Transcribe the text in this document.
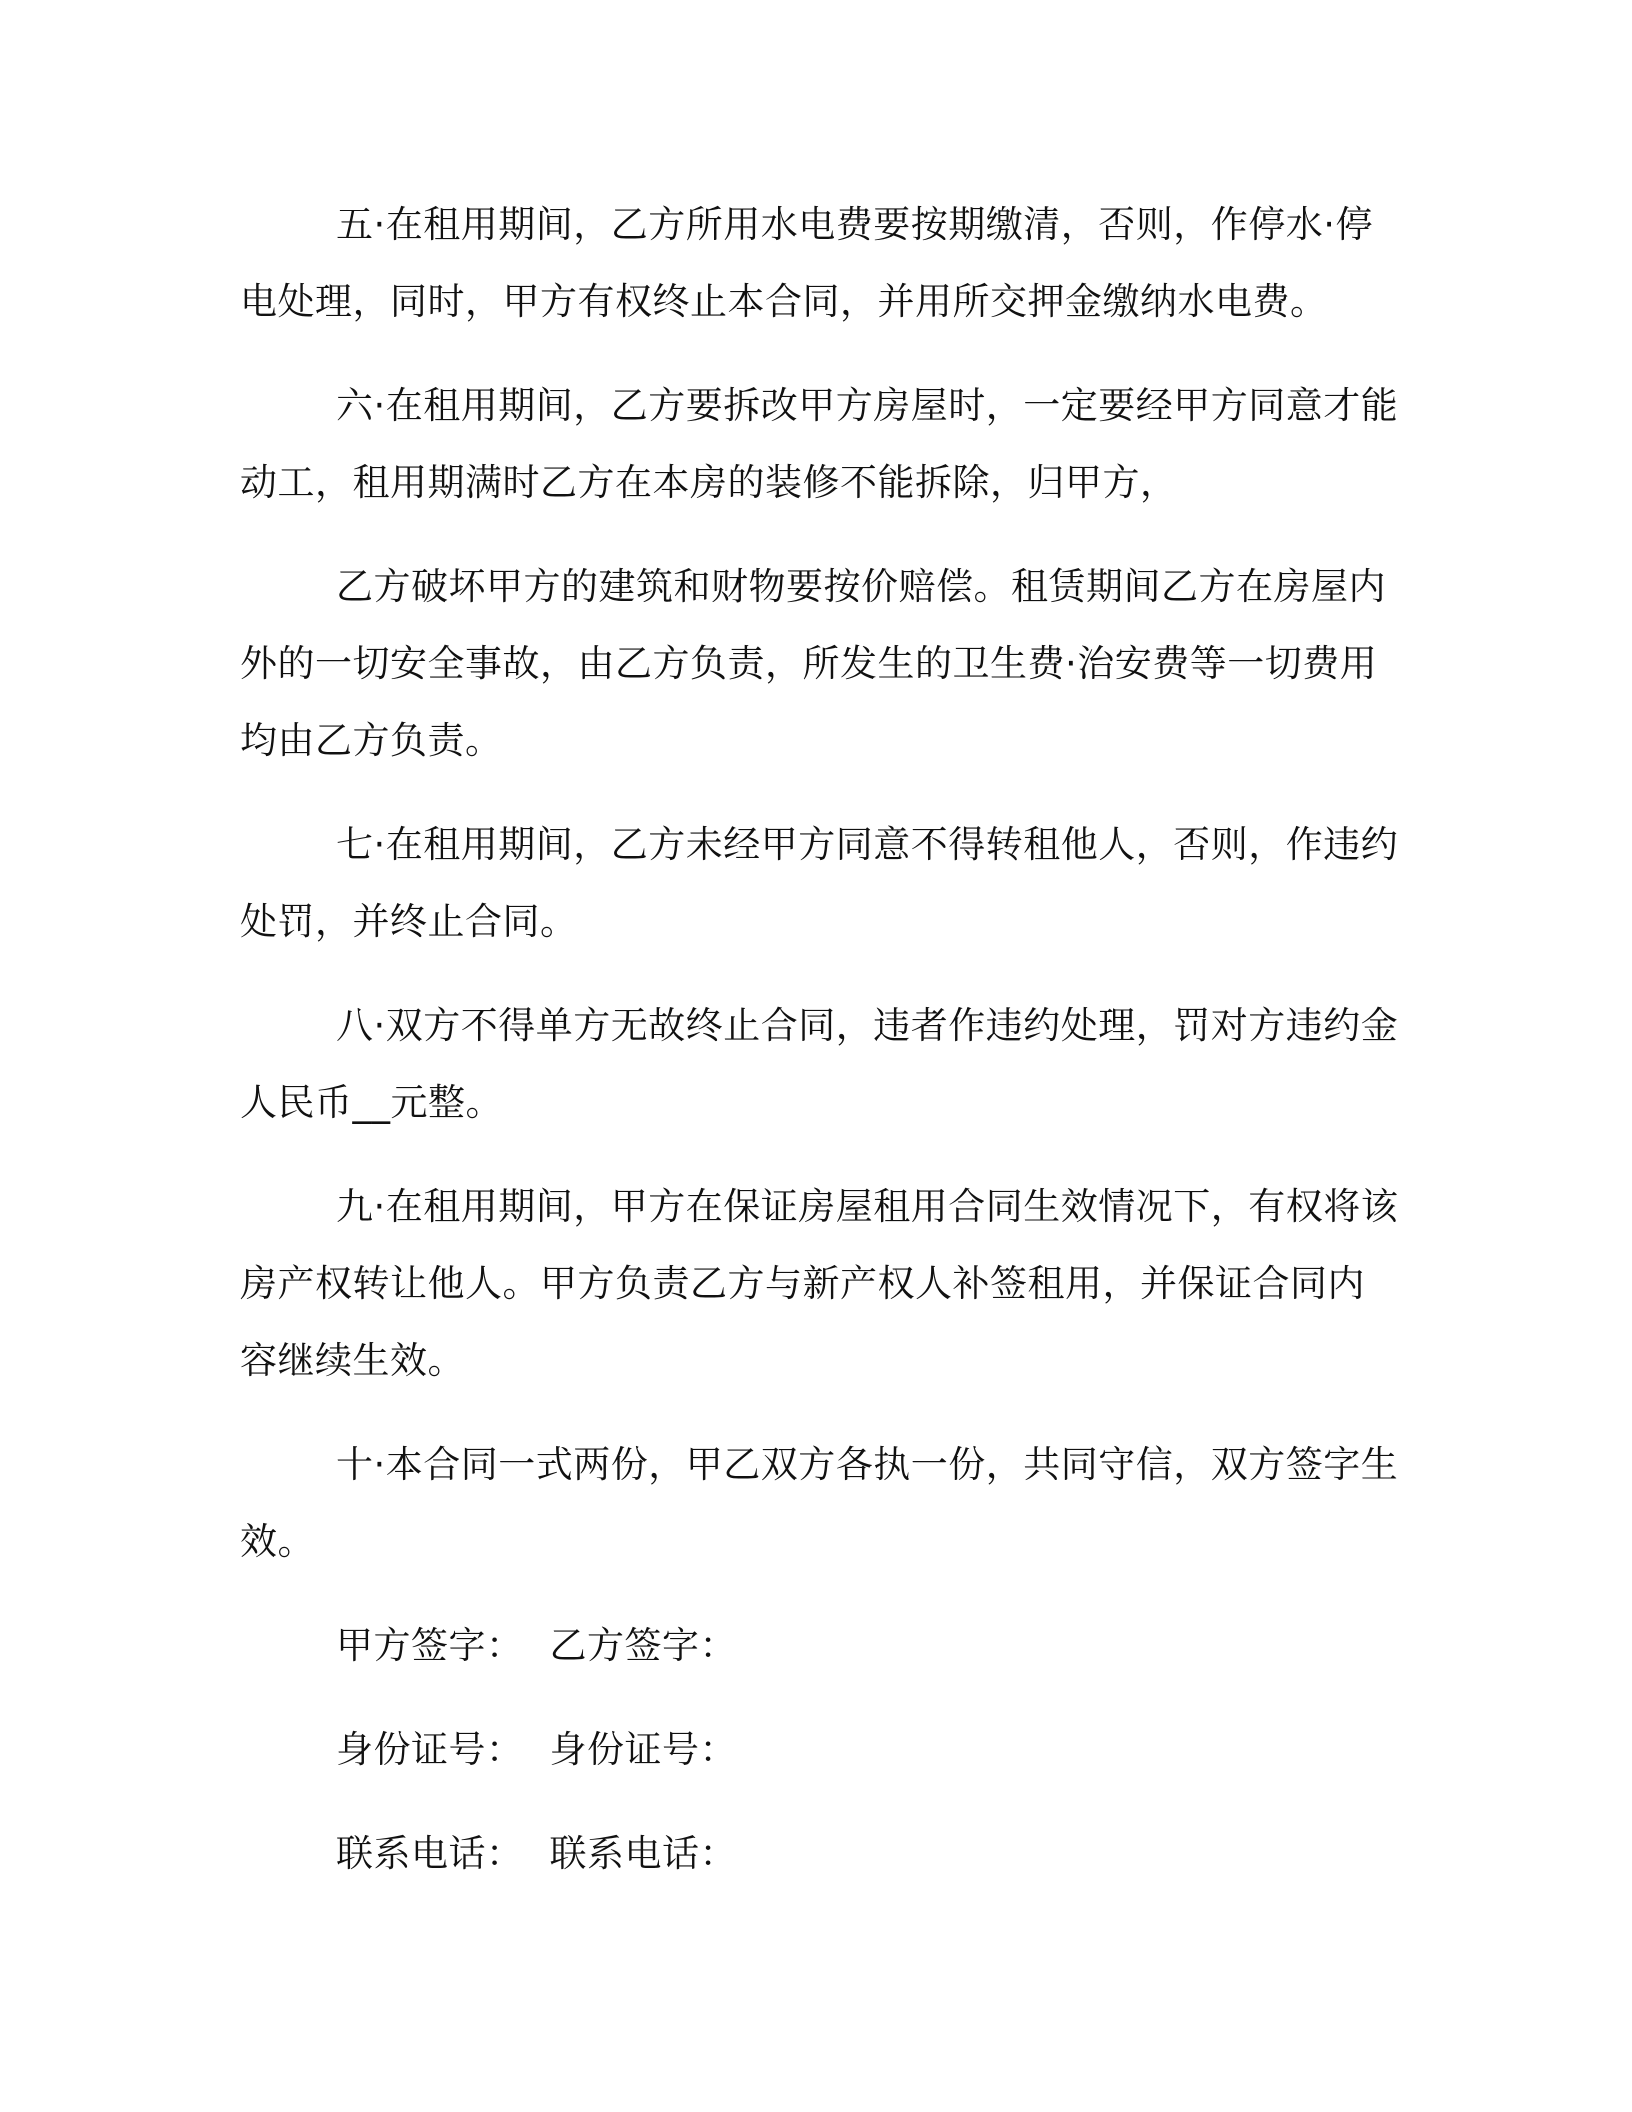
五·在租用期间，乙方所用水电费要按期缴清，否则，作停水·停电处理，同时，甲方有权终止本合同，并用所交押金缴纳水电费。

六·在租用期间，乙方要拆改甲方房屋时，一定要经甲方同意才能动工，租用期满时乙方在本房的装修不能拆除，归甲方，

乙方破坏甲方的建筑和财物要按价赔偿。租赁期间乙方在房屋内外的一切安全事故，由乙方负责，所发生的卫生费·治安费等一切费用均由乙方负责。

七·在租用期间，乙方未经甲方同意不得转租他人，否则，作违约处罚，并终止合同。

八·双方不得单方无故终止合同，违者作违约处理，罚对方违约金人民币__元整。

九·在租用期间，甲方在保证房屋租用合同生效情况下，有权将该房产权转让他人。甲方负责乙方与新产权人补签租用，并保证合同内容继续生效。

十·本合同一式两份，甲乙双方各执一份，共同守信，双方签字生效。

甲方签字： 乙方签字：
身份证号： 身份证号：
联系电话： 联系电话：
